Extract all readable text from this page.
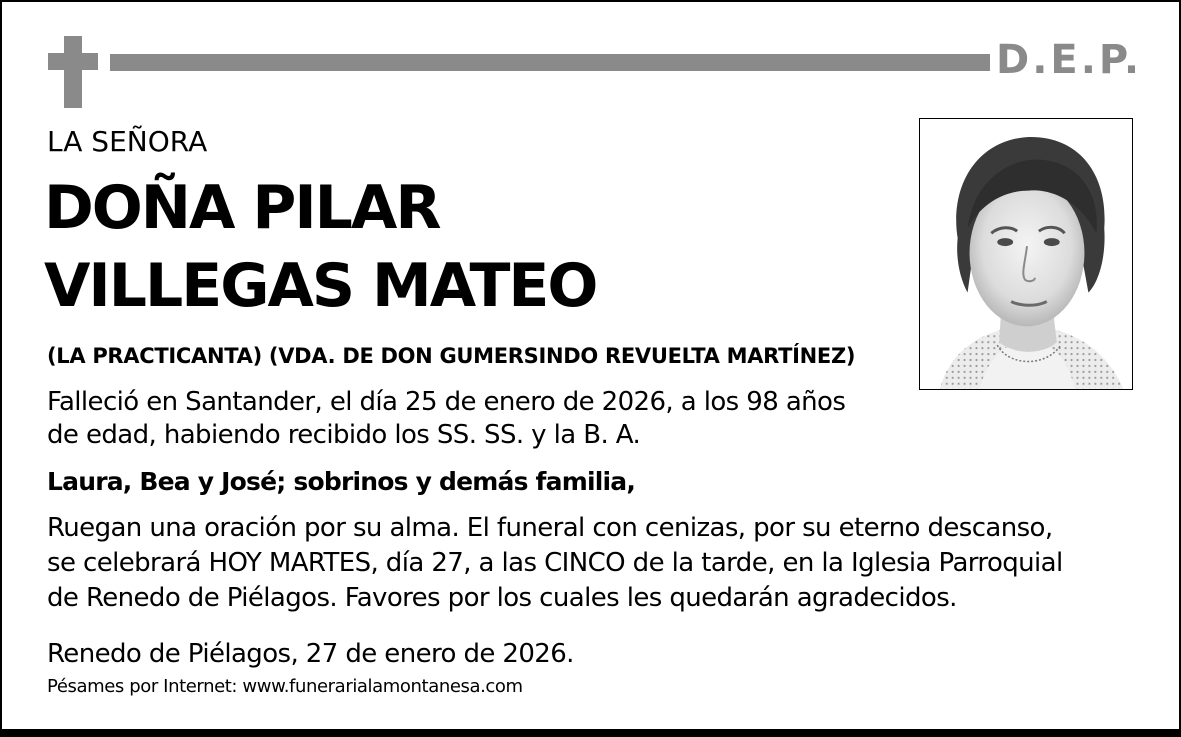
D.E.P.
LA SEÑORA
DOÑA PILAR
VILLEGAS MATEO
(LA PRACTICANTA) (VDA. DE DON GUMERSINDO REVUELTA MARTÍNEZ)
Falleció en Santander, el día 25 de enero de 2026, a los 98 años
de edad, habiendo recibido los SS. SS. y la B. A.
Laura, Bea y José; sobrinos y demás familia,
Ruegan una oración por su alma. El funeral con cenizas, por su eterno descanso,
se celebrará HOY MARTES, día 27, a las CINCO de la tarde, en la Iglesia Parroquial
de Renedo de Piélagos. Favores por los cuales les quedarán agradecidos.
Renedo de Piélagos, 27 de enero de 2026.
Pésames por Internet: www.funerarialamontanesa.com
